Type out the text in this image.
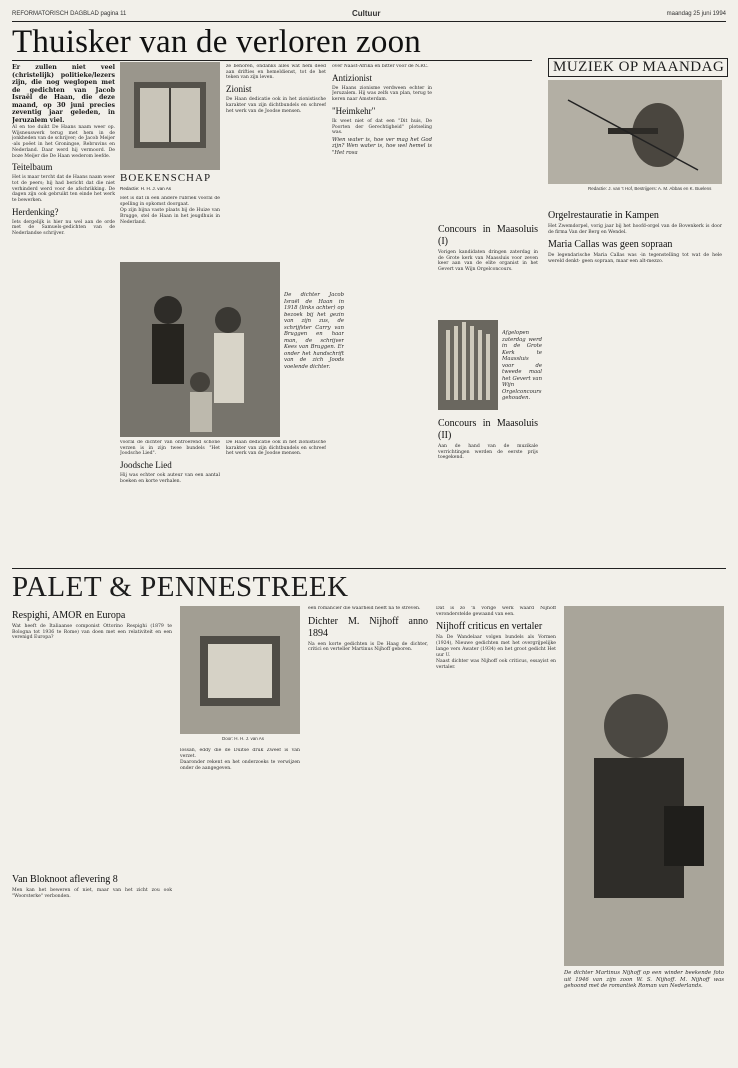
REFORMATORISCH DAGBLAD pagina 11	Cultuur	maandag 25 juni 1994
Thuisker van de verloren zoon
MUZIEK OP MAANDAG

Er zullen niet veel (christelijk) politieke/lezers zijn, die nog weglopen met de gedichten van Jacob Israël de Haan, die deze maand, op 30 juni precies zeventig jaar geleden, in Jeruzalem viel.

Al en toe duikt De Haans naam weer op. Wijsneuswerk terug met hem in de jonkheden van de schrijver; de Jacob Meijer -als poëet in het Groningse, Rebruvins en Nederland. Daar werd hij vermoord. De boze Meijer die De Haan wederom leefde.

Teitelbaum

Het is maar tercht dat de Haans naam weer tot de peers; hij had bericht dat die niet verhinderd werd voor de afschrikking. De dagen zijn ook gebruikt ten einde het werk te bewerken.

Herdenking?

Iets dergelijk is hier nu wel aan de orde met de Samuels-gedichten van de Nederlandse schrijver.

BOEKENSCHAP
Redactie: H. H. J. van As

Het is dat in een andere rubriek vooral de spelling in opkomst doorgaat.

Op zijn bijna vaste plaats bij de Huize van Brugge, stel de Haan in het jeugdhuis in Nederland.

De dichter Jacob Israël de Haan in 1918 (links achter) op bezoek bij het gezin van zijn zus, de schrijfster Carry van Bruggen en haar man, de schrijver Kees van Bruggen. Er onder het handschrift van de zich Joods voelende dichter.

vooral de dichter van ontroerend schone verzen is in zijn twee bundels "Het Joodsche Lied".

Joodsche Lied

Hij was echter ook auteur van een aantal boeken en korte verhalen.

ze behoren, ondanks alles wat hem deed aan drifties en hemeldienst, tot de het teken van zijn leven.

Zionist

De Haan dedicatie ook in het zionistische karakter van zijn dichtbundels en schreef het werk van de Joodse mensen.

De Haan dedicatie ook in het zionistische karakter van zijn dichtbundels en schreef het werk van de Joodse mensen.

over Naast-Afrika en bitter voor de N.RC.

Antizionist

De Haans zionisme verdween echter in Jeruzalem. Hij was zelfs van plan, terug te keren naar Amsterdam.

"Heimkehr"

Ik weet niet of dat een "Dit huis, De Poorten der Gerechtigheid" plotseling was.

Wien water is, hoe ver mag het God zijn? Wen water is, hoe wel hemel is "Het rosa

Redactie: J. van 't Hof, Bestrijgers: A. M. Abbas en K. Buelens
Concours in Maasoluis (I)

Vorigen kandidaten dringen zaterdag in de Grote kerk van Maassluis voor zeven keer aan van de elite organist in het Gevert van Wijn Orgelconcours.

Afgelopen zaterdag werd in de Grote Kerk te Maassluis voor de tweede maal het Gevert van Wijn Orgelconcours gehouden.
Concours in Maasoluis (II)

Aan de hand van de muzikale verrichtingen werden de eerste prijs toegekend.

Orgelrestauratie in Kampen

Het Zwemdorpel, vorig jaar bij het hoofd-orgel van de Bovenkerk is door de firma Van der Berg en Wendel.

Maria Callas was geen sopraan

De legendarische Maria Callas was -in tegenstelling tot wat de hele wereld denkt- geen sopraan, maar een alt-mezzo.

PALET & PENNESTREEK
Respighi, AMOR en Europa

Wat heeft de Italiaanse componist Ottorino Respighi (1879 te Bologna tot 1936 te Rome) van doen met een relativiteit en een verenigd Europa?

Van Bloknoot aflevering 8

Men kan het beweren of niet, maar van het zicht zou ook "Woorsterke" verbonden.

Door: H. H. J. van As

lossan, eddy die de Duitse druk Zweef is van verzet.

Daaronder rekent en het onderzoeks te verwijzen onder de aangegeven.

een romancier die waarheid heeft na te streven.

Dichter M. Nijhoff anno 1894

Na een korte gedichten is De Haag de dichter, critici en verteller Martinus Nijhoff geboren.

Dat is zo 'n vorige werk waard Nijhoff veronderstelde gewaand van een.

Nijhoff criticus en vertaler

Na De Wandelaar volgen bundels als Vormen (1924), Nieuwe gedichten met het overgrijpelijke lange vers Awater (1934) en het groot gedicht Het uur U.

Naast dichter was Nijhoff ook criticus, essayist en vertaler.

De dichter Martinus Nijhoff op een winder beekende foto uit 1946 van zijn zoon W. S. Nijhoff. M. Nijhoff was gehoond met de romantiek Roman van Nederlands.
